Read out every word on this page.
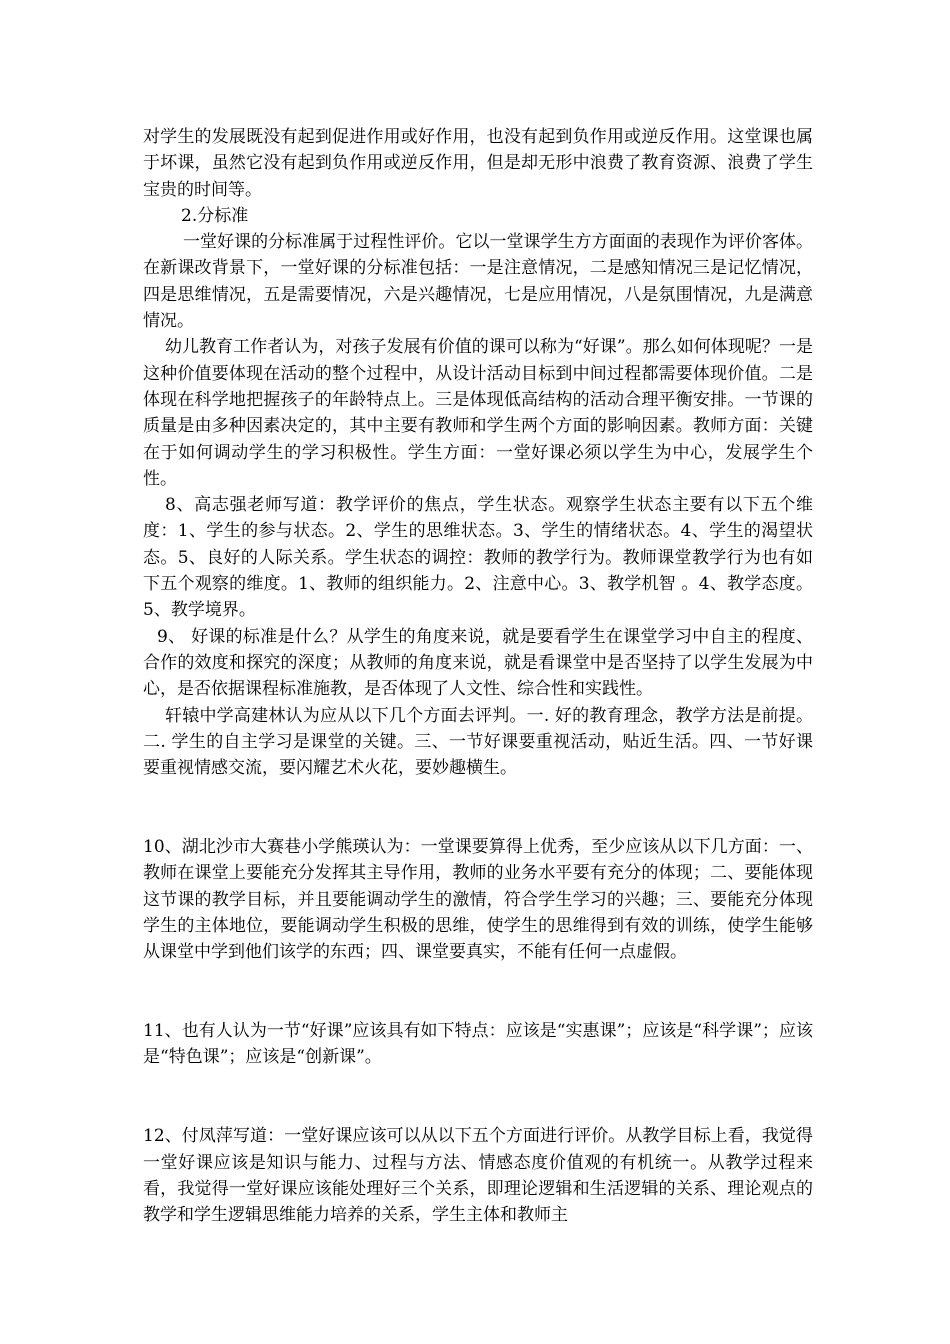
对学生的发展既没有起到促进作用或好作用，也没有起到负作用或逆反作用。这堂课也属于坏课，虽然它没有起到负作用或逆反作用，但是却无形中浪费了教育资源、浪费了学生宝贵的时间等。

2.分标准

一堂好课的分标准属于过程性评价。它以一堂课学生方方面面的表现作为评价客体。在新课改背景下，一堂好课的分标准包括：一是注意情况，二是感知情况三是记忆情况，四是思维情况，五是需要情况，六是兴趣情况，七是应用情况，八是氛围情况，九是满意情况。

幼儿教育工作者认为，对孩子发展有价值的课可以称为“好课”。那么如何体现呢？一是这种价值要体现在活动的整个过程中，从设计活动目标到中间过程都需要体现价值。二是体现在科学地把握孩子的年龄特点上。三是体现低高结构的活动合理平衡安排。一节课的质量是由多种因素决定的，其中主要有教师和学生两个方面的影响因素。教师方面：关键在于如何调动学生的学习积极性。学生方面：一堂好课必须以学生为中心，发展学生个性。

8、高志强老师写道：教学评价的焦点，学生状态。观察学生状态主要有以下五个维度：1、学生的参与状态。2、学生的思维状态。3、学生的情绪状态。4、学生的渴望状态。5、良好的人际关系。学生状态的调控：教师的教学行为。教师课堂教学行为也有如下五个观察的维度。1、教师的组织能力。2、注意中心。3、教学机智 。4、教学态度。5、教学境界。

9、 好课的标准是什么？从学生的角度来说，就是要看学生在课堂学习中自主的程度、合作的效度和探究的深度；从教师的角度来说，就是看课堂中是否坚持了以学生发展为中心，是否依据课程标准施教，是否体现了人文性、综合性和实践性。

轩辕中学高建林认为应从以下几个方面去评判。一. 好的教育理念，教学方法是前提。二. 学生的自主学习是课堂的关键。三、一节好课要重视活动，贴近生活。四、一节好课要重视情感交流，要闪耀艺术火花，要妙趣横生。

10、湖北沙市大赛巷小学熊瑛认为：一堂课要算得上优秀，至少应该从以下几方面：一、教师在课堂上要能充分发挥其主导作用，教师的业务水平要有充分的体现；二、要能体现这节课的教学目标，并且要能调动学生的激情，符合学生学习的兴趣；三、要能充分体现学生的主体地位，要能调动学生积极的思维，使学生的思维得到有效的训练，使学生能够从课堂中学到他们该学的东西；四、课堂要真实，不能有任何一点虚假。

11、也有人认为一节“好课”应该具有如下特点：应该是“实惠课”；应该是“科学课”；应该是“特色课”；应该是“创新课”。

12、付凤萍写道：一堂好课应该可以从以下五个方面进行评价。从教学目标上看，我觉得一堂好课应该是知识与能力、过程与方法、情感态度价值观的有机统一。从教学过程来看，我觉得一堂好课应该能处理好三个关系，即理论逻辑和生活逻辑的关系、理论观点的教学和学生逻辑思维能力培养的关系，学生主体和教师主
